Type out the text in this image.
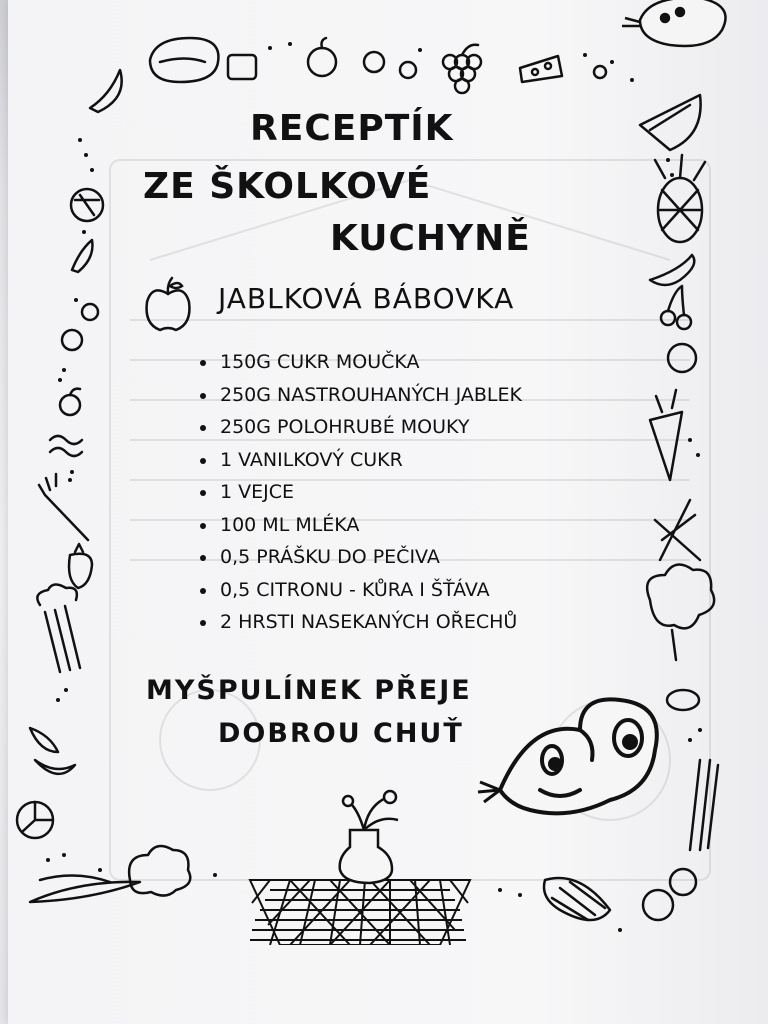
RECEPTÍK
ZE ŠKOLKOVÉ
KUCHYNĚ
JABLKOVÁ BÁBOVKA
150G CUKR MOUČKA
250G NASTROUHANÝCH JABLEK
250G POLOHRUBÉ MOUKY
1 VANILKOVÝ CUKR
1 VEJCE
100 ML MLÉKA
0,5 PRÁŠKU DO PEČIVA
0,5 CITRONU - KŮRA I ŠŤÁVA
2 HRSTI NASEKANÝCH OŘECHŮ
MYŠPULÍNEK PŘEJE
DOBROU CHUŤ
